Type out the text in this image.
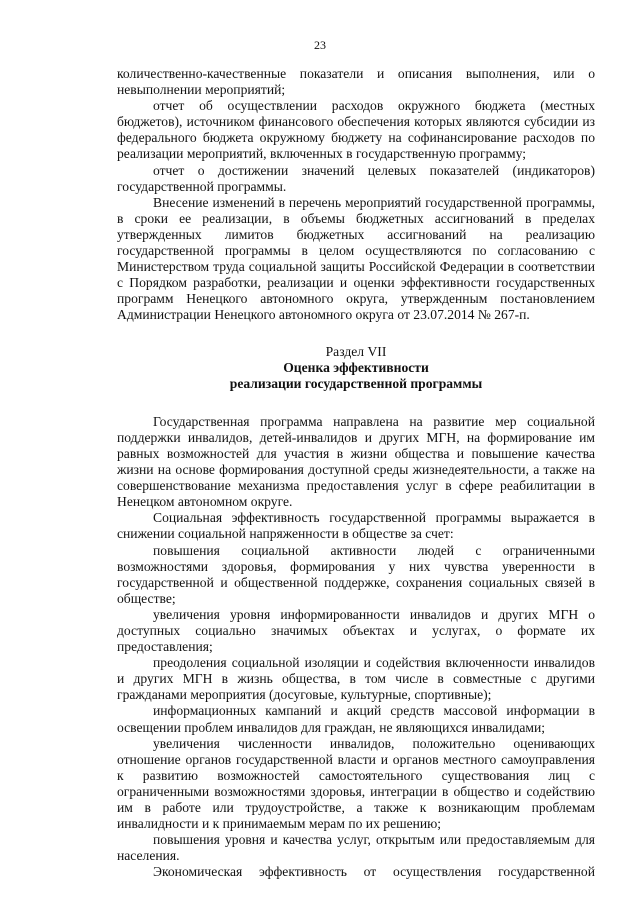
23

количественно-качественные показатели и описания выполнения, или о невыполнении мероприятий;

отчет об осуществлении расходов окружного бюджета (местных бюджетов), источником финансового обеспечения которых являются субсидии из федерального бюджета окружному бюджету на софинансирование расходов по реализации мероприятий, включенных в государственную программу;

отчет о достижении значений целевых показателей (индикаторов) государственной программы.

Внесение изменений в перечень мероприятий государственной программы, в сроки ее реализации, в объемы бюджетных ассигнований в пределах утвержденных лимитов бюджетных ассигнований на реализацию государственной программы в целом осуществляются по согласованию с Министерством труда социальной защиты Российской Федерации в соответствии с Порядком разработки, реализации и оценки эффективности государственных программ Ненецкого автономного округа, утвержденным постановлением Администрации Ненецкого автономного округа от 23.07.2014 № 267-п.

Раздел VII

Оценка эффективности

реализации государственной программы

Государственная программа направлена на развитие мер социальной поддержки инвалидов, детей-инвалидов и других МГН, на формирование им равных возможностей для участия в жизни общества и повышение качества жизни на основе формирования доступной среды жизнедеятельности, а также на совершенствование механизма предоставления услуг в сфере реабилитации в Ненецком автономном округе.

Социальная эффективность государственной программы выражается в снижении социальной напряженности в обществе за счет:

повышения социальной активности людей с ограниченными возможностями здоровья, формирования у них чувства уверенности в государственной и общественной поддержке, сохранения социальных связей в обществе;

увеличения уровня информированности инвалидов и других МГН о доступных социально значимых объектах и услугах, о формате их предоставления;

преодоления социальной изоляции и содействия включенности инвалидов и других МГН в жизнь общества, в том числе в совместные с другими гражданами мероприятия (досуговые, культурные, спортивные);

информационных кампаний и акций средств массовой информации в освещении проблем инвалидов для граждан, не являющихся инвалидами;

увеличения численности инвалидов, положительно оценивающих отношение органов государственной власти и органов местного самоуправления к развитию возможностей самостоятельного существования лиц с ограниченными возможностями здоровья, интеграции в общество и содействию им в работе или трудоустройстве, а также к возникающим проблемам инвалидности и к принимаемым мерам по их решению;

повышения уровня и качества услуг, открытым или предоставляемым для населения.

Экономическая эффективность от осуществления государственной
